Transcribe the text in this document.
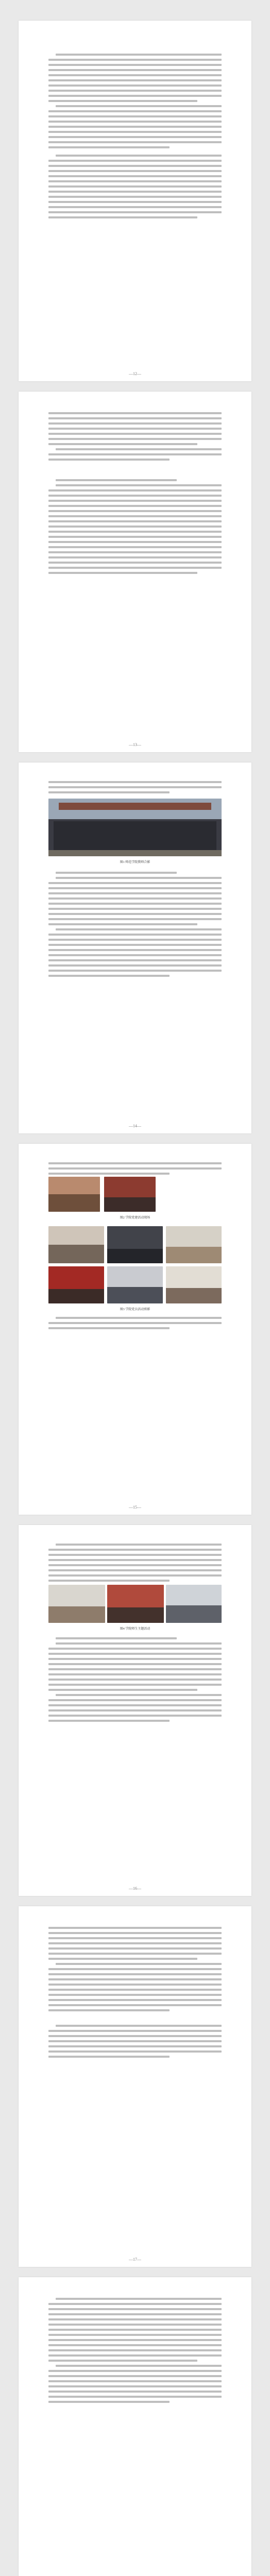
—12—
—13—
图1 师范学院教师合影
—14—
图2 学院党建活动现场
图3 学院党员活动剪影
—15—
图4 学院师生主题活动
—16—
—17—
